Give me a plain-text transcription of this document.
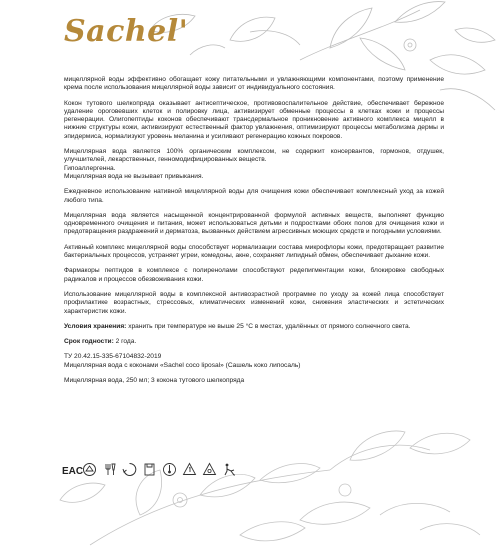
Sachel'

мицеллярной воды эффективно обогащает кожу питательными и увлажняющими компонентами, поэтому применение крема после использования мицеллярной воды зависит от индивидуального состояния.

Кокон тутового шелкопряда оказывает антисептическое, противовоспалительное действие, обеспечивает бережное удаление ороговевших клеток и полировку лица, активизирует обменные процессы в клетках кожи и процессы регенерации. Олигопептиды коконов обеспечивают трансдермальное проникновение активного комплекса мицелл в нижние структуры кожи, активизируют естественный фактор увлажнения, оптимизируют процессы метаболизма дермы и эпидермиса, нормализуют уровень меланина и усиливают регенерацию кожных покровов.

Мицеллярная вода является 100% органическим комплексом, не содержит консервантов, гормонов, отдушек, улучшителей, лекарственных, генномодифицированных веществ.

Гипоаллергенна.

Мицеллярная вода не вызывает привыкания.

Ежедневное использование нативной мицеллярной воды для очищения кожи обеспечивает комплексный уход за кожей любого типа.

Мицеллярная вода является насыщенной концентрированной формулой активных веществ, выполняет функцию одновременного очищения и питания, может использоваться детьми и подростками обоих полов для очищения кожи и предотвращения раздражений и дерматоза, вызванных действием агрессивных моющих средств и погодными условиями.

Активный комплекс мицеллярной воды способствует нормализации состава микрофлоры кожи, предотвращает развитие бактериальных процессов, устраняет угреи, комедоны, акне, сохраняет липидный обмен, обеспечивает дыхание кожи.

Фармакоры пептидов в комплексе с полиренолами способствуют редепигментации кожи, блокировке свободных радикалов и процессов обезвоживания кожи.

Использование мицеллярной воды в комплексной антивозрастной программе по уходу за кожей лица способствует профилактике возрастных, стрессовых, климатических изменений кожи, снижения эластических и эстетических характеристик кожи.

Условия хранения: хранить при температуре не выше 25 °С в местах, удалённых от прямого солнечного света.

Срок годности: 2 года.

ТУ 20.42.15-335-67104832-2019

Мицеллярная вода с коконами «Sachel coco liposal» (Сашель коко липосаль)

Мицеллярная вода, 250 мл; 3 кокона тутового шелкопряда

EAC
